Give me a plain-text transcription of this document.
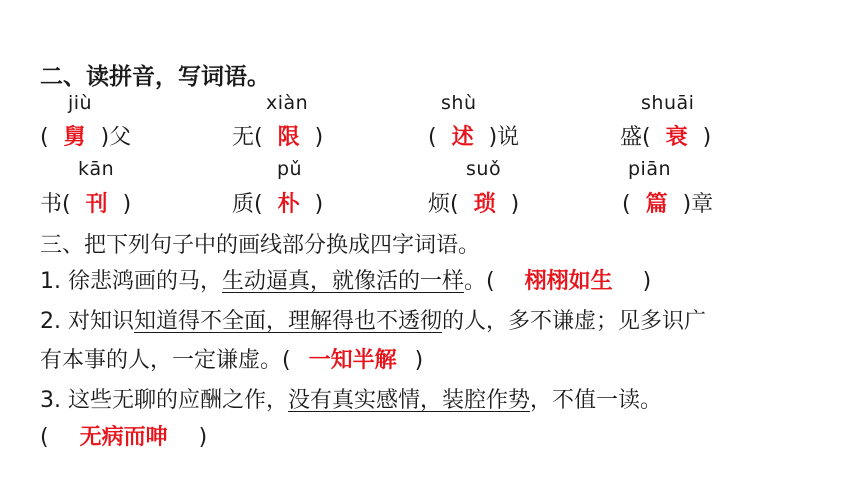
二、读拼音，写词语。
jiù	xiàn	shù	shuāi
( 舅 )父	无( 限 )	( 述 )说	盛( 衰 )
kān	pǔ	suǒ	piān
书( 刊 )	质( 朴 )	烦( 琐 )	( 篇 )章
三、把下列句子中的画线部分换成四字词语。
1. 徐悲鸿画的马，生动逼真，就像活的一样。( 栩栩如生 )
2. 对知识知道得不全面，理解得也不透彻的人，多不谦虚；见多识广
有本事的人，一定谦虚。( 一知半解 )
3. 这些无聊的应酬之作，没有真实感情，装腔作势，不值一读。
( 无病而呻 )
